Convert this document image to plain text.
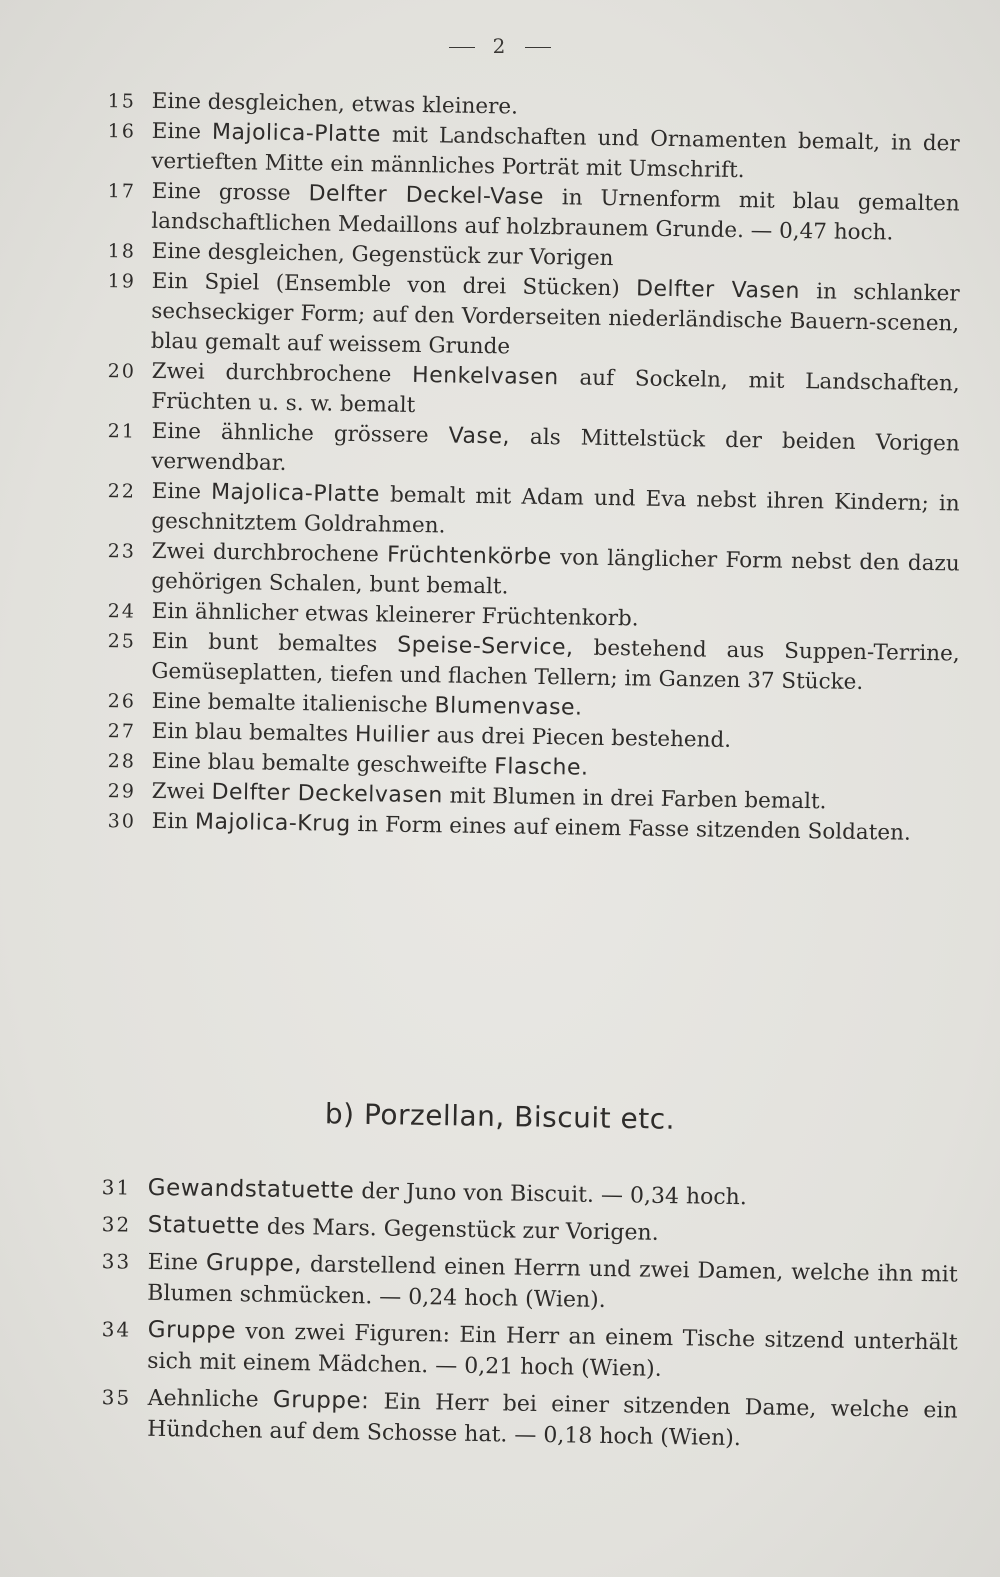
2
15 Eine desgleichen, etwas kleinere.
16 Eine Majolica-Platte mit Landschaften und Ornamenten bemalt, in der vertieften Mitte ein männliches Porträt mit Umschrift.
17 Eine grosse Delfter Deckel-Vase in Urnenform mit blau gemalten landschaftlichen Medaillons auf holzbraunem Grunde. — 0,47 hoch.
18 Eine desgleichen, Gegenstück zur Vorigen
19 Ein Spiel (Ensemble von drei Stücken) Delfter Vasen in schlanker sechseckiger Form; auf den Vorderseiten niederländische Bauern-scenen, blau gemalt auf weissem Grunde
20 Zwei durchbrochene Henkelvasen auf Sockeln, mit Landschaften, Früchten u. s. w. bemalt
21 Eine ähnliche grössere Vase, als Mittelstück der beiden Vorigen verwendbar.
22 Eine Majolica-Platte bemalt mit Adam und Eva nebst ihren Kindern; in geschnitztem Goldrahmen.
23 Zwei durchbrochene Früchtenkörbe von länglicher Form nebst den dazu gehörigen Schalen, bunt bemalt.
24 Ein ähnlicher etwas kleinerer Früchtenkorb.
25 Ein bunt bemaltes Speise-Service, bestehend aus Suppen-Terrine, Gemüseplatten, tiefen und flachen Tellern; im Ganzen 37 Stücke.
26 Eine bemalte italienische Blumenvase.
27 Ein blau bemaltes Huilier aus drei Piecen bestehend.
28 Eine blau bemalte geschweifte Flasche.
29 Zwei Delfter Deckelvasen mit Blumen in drei Farben bemalt.
30 Ein Majolica-Krug in Form eines auf einem Fasse sitzenden Soldaten.
b) Porzellan, Biscuit etc.
31 Gewandstatuette der Juno von Biscuit. — 0,34 hoch.
32 Statuette des Mars. Gegenstück zur Vorigen.
33 Eine Gruppe, darstellend einen Herrn und zwei Damen, welche ihn mit Blumen schmücken. — 0,24 hoch (Wien).
34 Gruppe von zwei Figuren: Ein Herr an einem Tische sitzend unterhält sich mit einem Mädchen. — 0,21 hoch (Wien).
35 Aehnliche Gruppe: Ein Herr bei einer sitzenden Dame, welche ein Hündchen auf dem Schosse hat. — 0,18 hoch (Wien).
